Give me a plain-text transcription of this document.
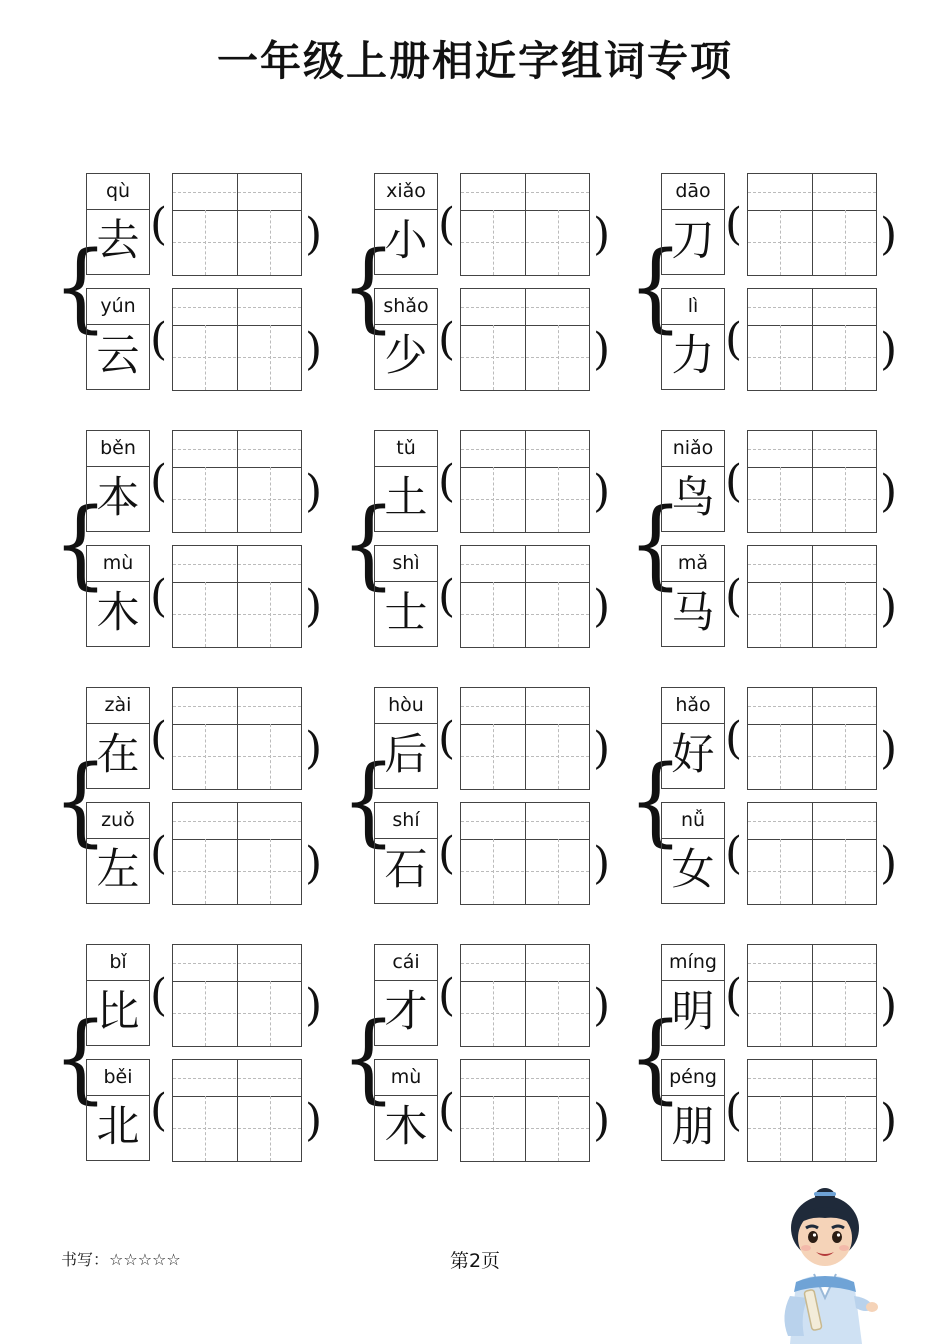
一年级上册相近字组词专项
{
qù
去 (	)
yún
云 (	)
{
xiǎo
小 (	)
shǎo
少 (	)
{
dāo
刀 (	)
lì
力 (	)
{
běn
本 (	)
mù
木 (	)
{
tǔ
土 (	)
shì
士 (	)
{
niǎo
鸟 (	)
mǎ
马 (	)
{
zài
在 (	)
zuǒ
左 (	)
{
hòu
后 (	)
shí
石 (	)
{
hǎo
好 (	)
nǚ
女 (	)
{
bǐ
比 (	)
běi
北 (	)
{
cái
才 (	)
mù
木 (	)
{
míng
明 (	)
péng
朋 (	)
书写：☆☆☆☆☆	第2页
